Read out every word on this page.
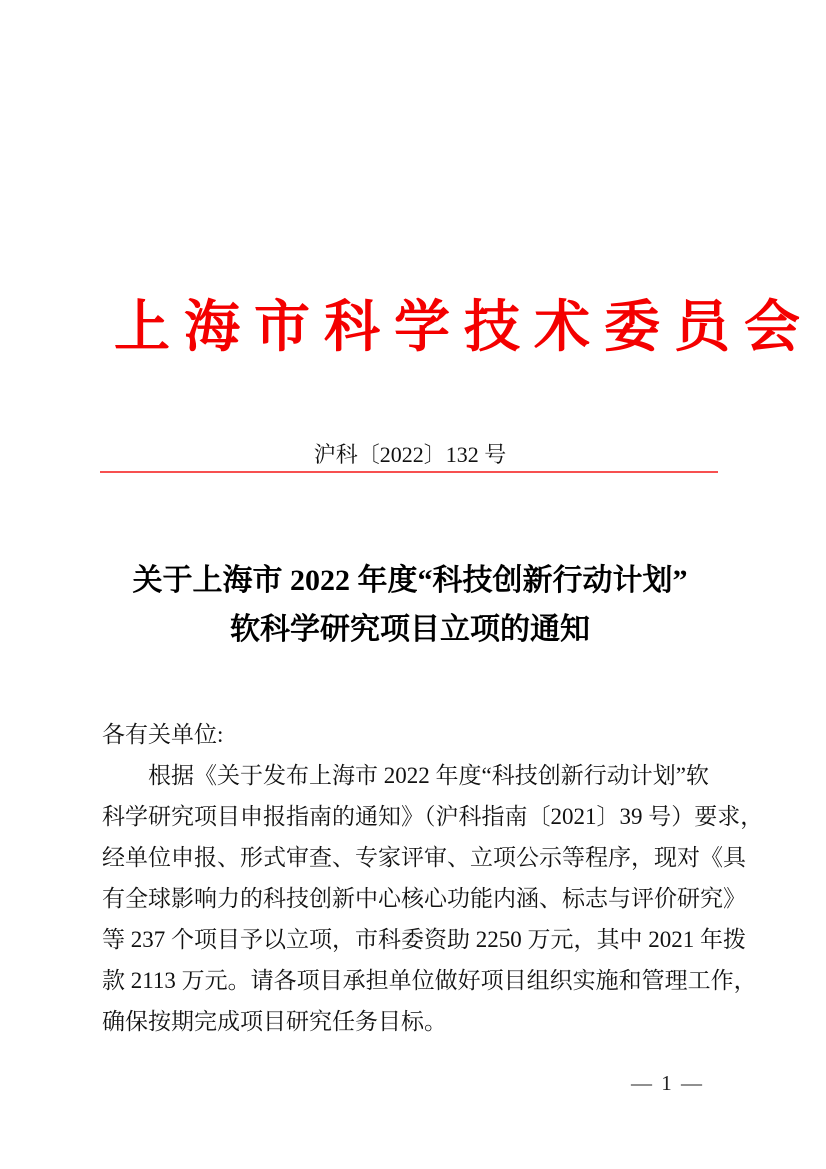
上海市科学技术委员会
沪科〔2022〕132 号
关于上海市 2022 年度“科技创新行动计划”
软科学研究项目立项的通知
各有关单位:
根据《关于发布上海市 2022 年度“科技创新行动计划”软
科学研究项目申报指南的通知》（沪科指南〔2021〕39 号）要求，
经单位申报、形式审查、专家评审、立项公示等程序，现对《具
有全球影响力的科技创新中心核心功能内涵、标志与评价研究》
等 237 个项目予以立项，市科委资助 2250 万元，其中 2021 年拨
款 2113 万元。请各项目承担单位做好项目组织实施和管理工作，
确保按期完成项目研究任务目标。
— 1 —
